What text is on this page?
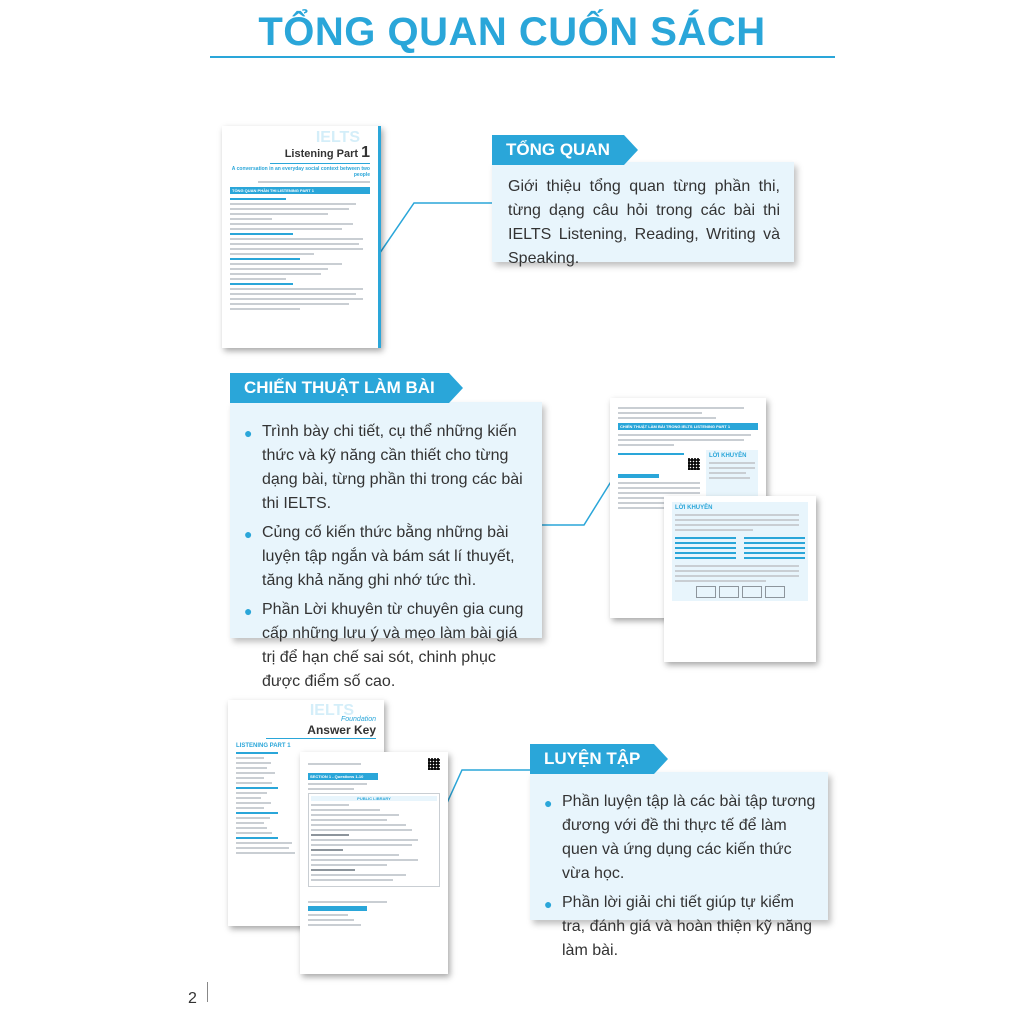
TỔNG QUAN CUỐN SÁCH
IELTS
Listening Part 1
A conversation in an everyday social context between two people
TỔNG QUAN PHẦN THI LISTENING PART 1	Giới thiệu tổng quan từng phần thi, từng dạng câu hỏi trong các bài thi IELTS Listening, Reading, Writing và Speaking.
TỔNG QUAN
● Trình bày chi tiết, cụ thể những kiến thức và kỹ năng cần thiết cho từng dạng bài, từng phần thi trong các bài thi IELTS.
● Củng cố kiến thức bằng những bài luyện tập ngắn và bám sát lí thuyết, tăng khả năng ghi nhớ tức thì.
● Phần Lời khuyên từ chuyên gia cung cấp những lưu ý và mẹo làm bài giá trị để hạn chế sai sót, chinh phục được điểm số cao.
CHIẾN THUẬT LÀM BÀI
CHIẾN THUẬT LÀM BÀI TRONG IELTS LISTENING PART 1
LỜI KHUYÊN
LỜI KHUYÊN
IELTS
Foundation
Answer Key
LISTENING PART 1
SECTION 1 - Questions 1-10
PUBLIC LIBRARY	● Phần luyện tập là các bài tập tương đương với đề thi thực tế để làm quen và ứng dụng các kiến thức vừa học.
● Phần lời giải chi tiết giúp tự kiểm tra, đánh giá và hoàn thiện kỹ năng làm bài.
LUYỆN TẬP
2
